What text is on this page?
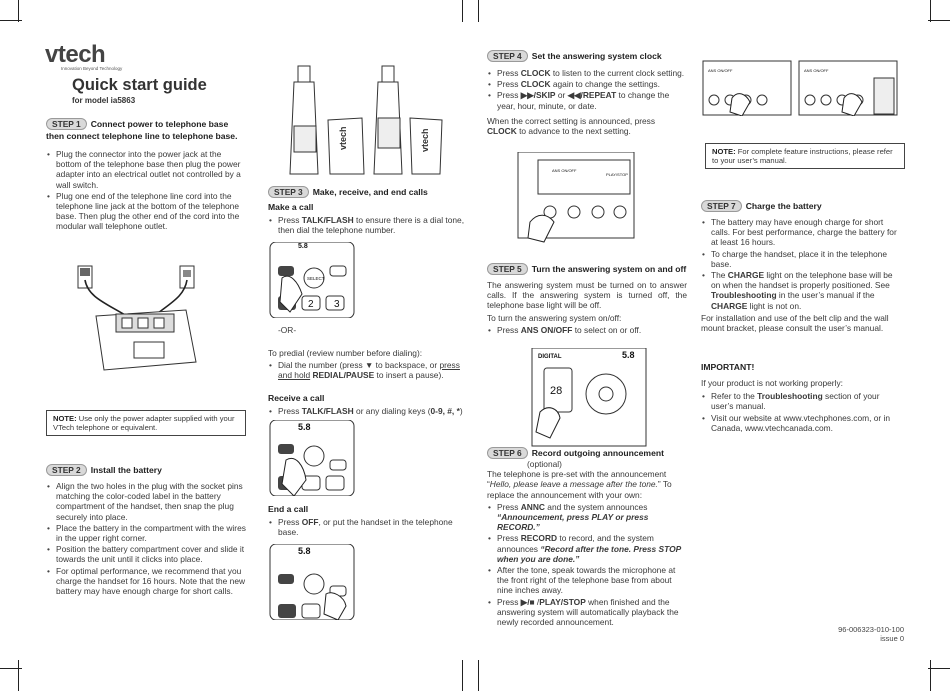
vtech
Innovation Beyond Technology
Quick start guide
for model ia5863
STEP 1 Connect power to telephone base
then connect telephone line to telephone base.
• Plug the connector into the power jack at the bottom of the telephone base then plug the power adapter into an electrical outlet not controlled by a wall switch.
• Plug one end of the telephone line cord into the telephone line jack at the bottom of the telephone base. Then plug the other end of the cord into the modular wall telephone outlet.
NOTE: Use only the power adapter supplied with your VTech telephone or equivalent.
STEP 2 Install the battery
• Align the two holes in the plug with the socket pins matching the color-coded label in the battery compartment of the handset, then snap the plug securely into place.
• Place the battery in the compartment with the wires in the upper right corner.
• Position the battery compartment cover and slide it towards the unit until it clicks into place.
• For optimal performance, we recommend that you charge the handset for 16 hours. Note that the new battery may have enough charge for short calls.
vtech	vtech
STEP 3 Make, receive, and end calls
Make a call
• Press TALK/FLASH to ensure there is a dial tone, then dial the telephone number.
5.8
SELECT
2 3
-OR-
To predial (review number before dialing):
• Dial the number (press ▼ to backspace, or press and hold REDIAL/PAUSE to insert a pause).
Receive a call
• Press TALK/FLASH or any dialing keys (0-9, #, *)
5.8
End a call
• Press OFF, or put the handset in the telephone base.
5.8
STEP 4 Set the answering system clock
• Press CLOCK to listen to the current clock setting.
• Press CLOCK again to change the settings.
• Press ▶▶/SKIP or ◀◀/REPEAT to change the year, hour, minute, or date.
When the correct setting is announced, press CLOCK to advance to the next setting.
ANS ON/OFF
PLAY/STOP
STEP 5 Turn the answering system on and off
The answering system must be turned on to answer calls. If the answering system is turned off, the telephone base light will be off.
To turn the answering system on/off:
• Press ANS ON/OFF to select on or off.
DIGITAL	5.8
28
STEP 6 Record outgoing announcement
(optional)
The telephone is pre-set with the announcement “Hello, please leave a message after the tone.” To replace the announcement with your own:
• Press ANNC and the system announces “Announcement, press PLAY or press RECORD.”
• Press RECORD to record, and the system announces “Record after the tone. Press STOP when you are done.”
• After the tone, speak towards the microphone at the front right of the telephone base from about nine inches away.
• Press ▶/■ /PLAY/STOP when finished and the answering system will automatically playback the newly recorded announcement.
ANS ON/OFF	ANS ON/OFF
NOTE: For complete feature instructions, please refer to your user’s manual.
STEP 7 Charge the battery
• The battery may have enough charge for short calls. For best performance, charge the battery for at least 16 hours.
• To charge the handset, place it in the telephone base.
• The CHARGE light on the telephone base will be on when the handset is properly positioned. See Troubleshooting in the user’s manual if the CHARGE light is not on.
For installation and use of the belt clip and the wall mount bracket, please consult the user’s manual.
IMPORTANT!
If your product is not working properly:
• Refer to the Troubleshooting section of your user’s manual.
• Visit our website at www.vtechphones.com, or in Canada, www.vtechcanada.com.
96-006323-010-100
issue 0
